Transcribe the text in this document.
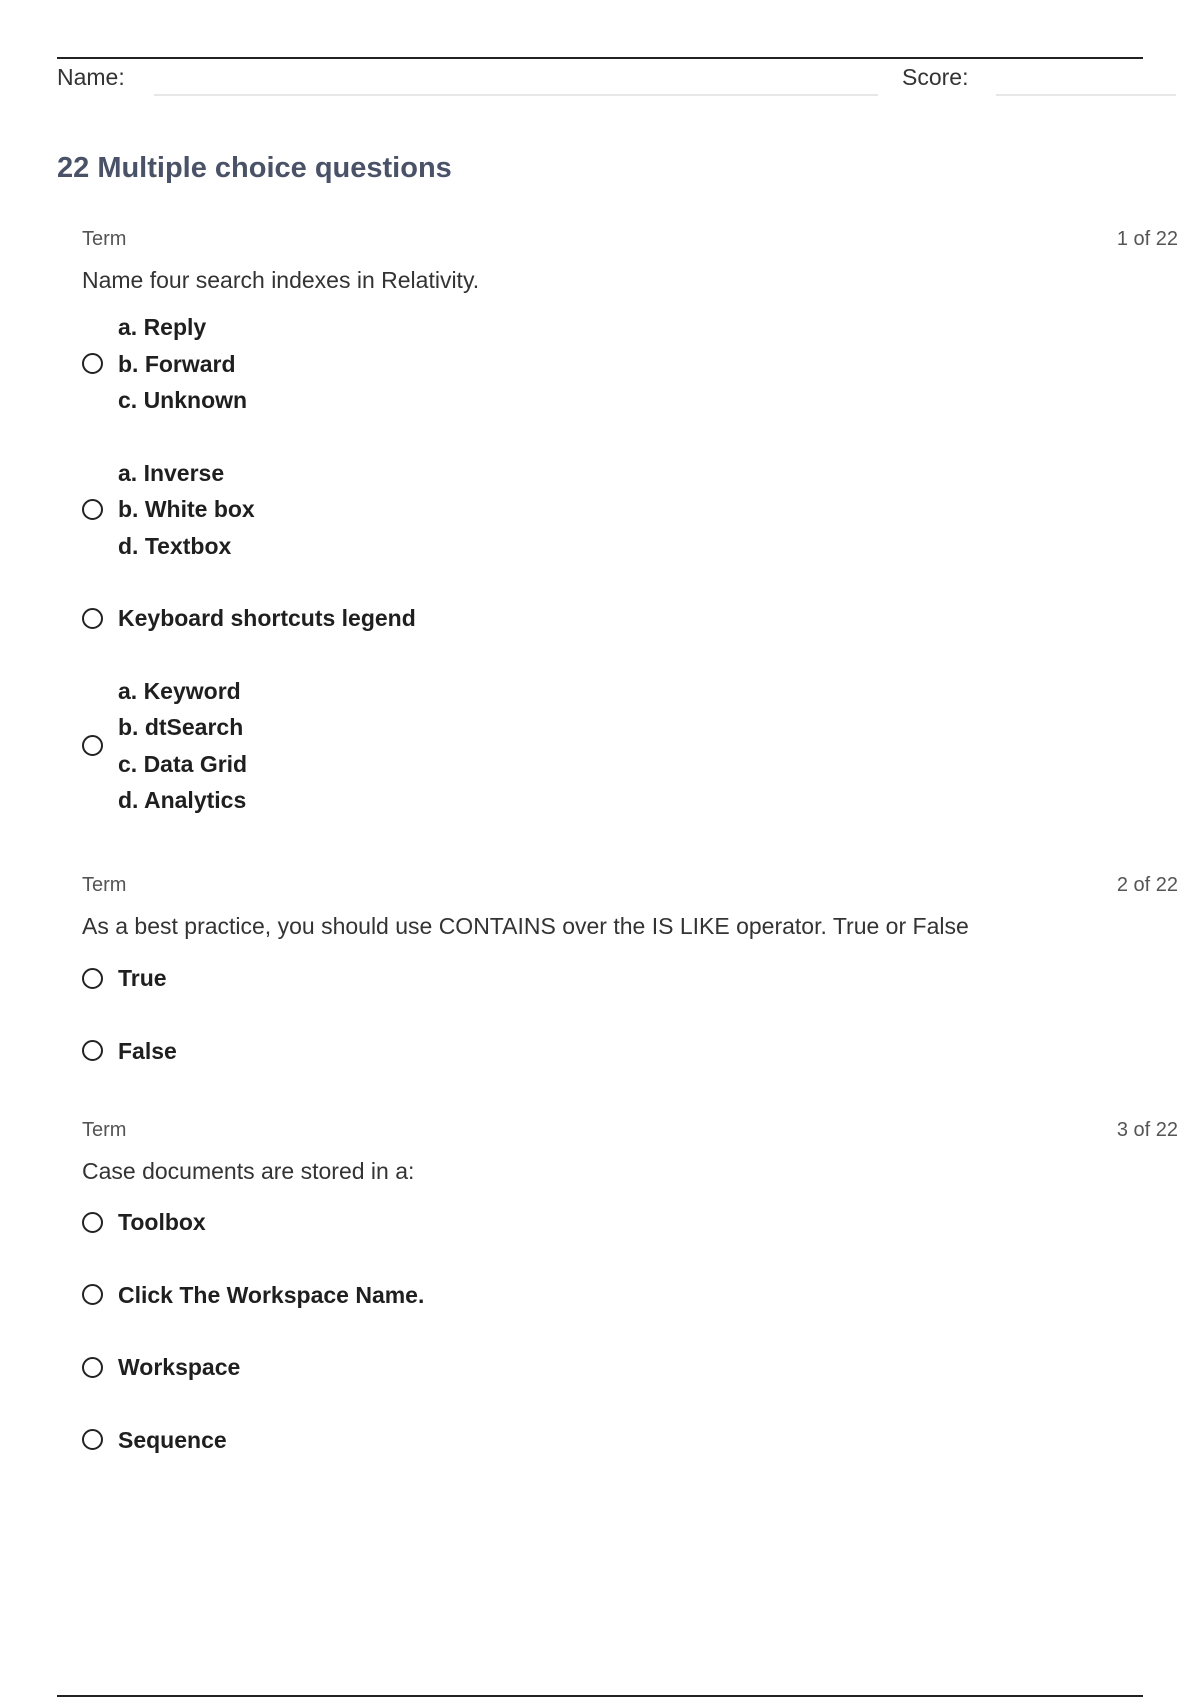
Name:	Score:
22 Multiple choice questions
Term	1 of 22
Name four search indexes in Relativity.
a. Reply
b. Forward
c. Unknown
a. Inverse
b. White box
d. Textbox
Keyboard shortcuts legend
a. Keyword
b. dtSearch
c. Data Grid
d. Analytics
Term	2 of 22
As a best practice, you should use CONTAINS over the IS LIKE operator. True or False
True
False
Term	3 of 22
Case documents are stored in a:
Toolbox
Click The Workspace Name.
Workspace
Sequence
